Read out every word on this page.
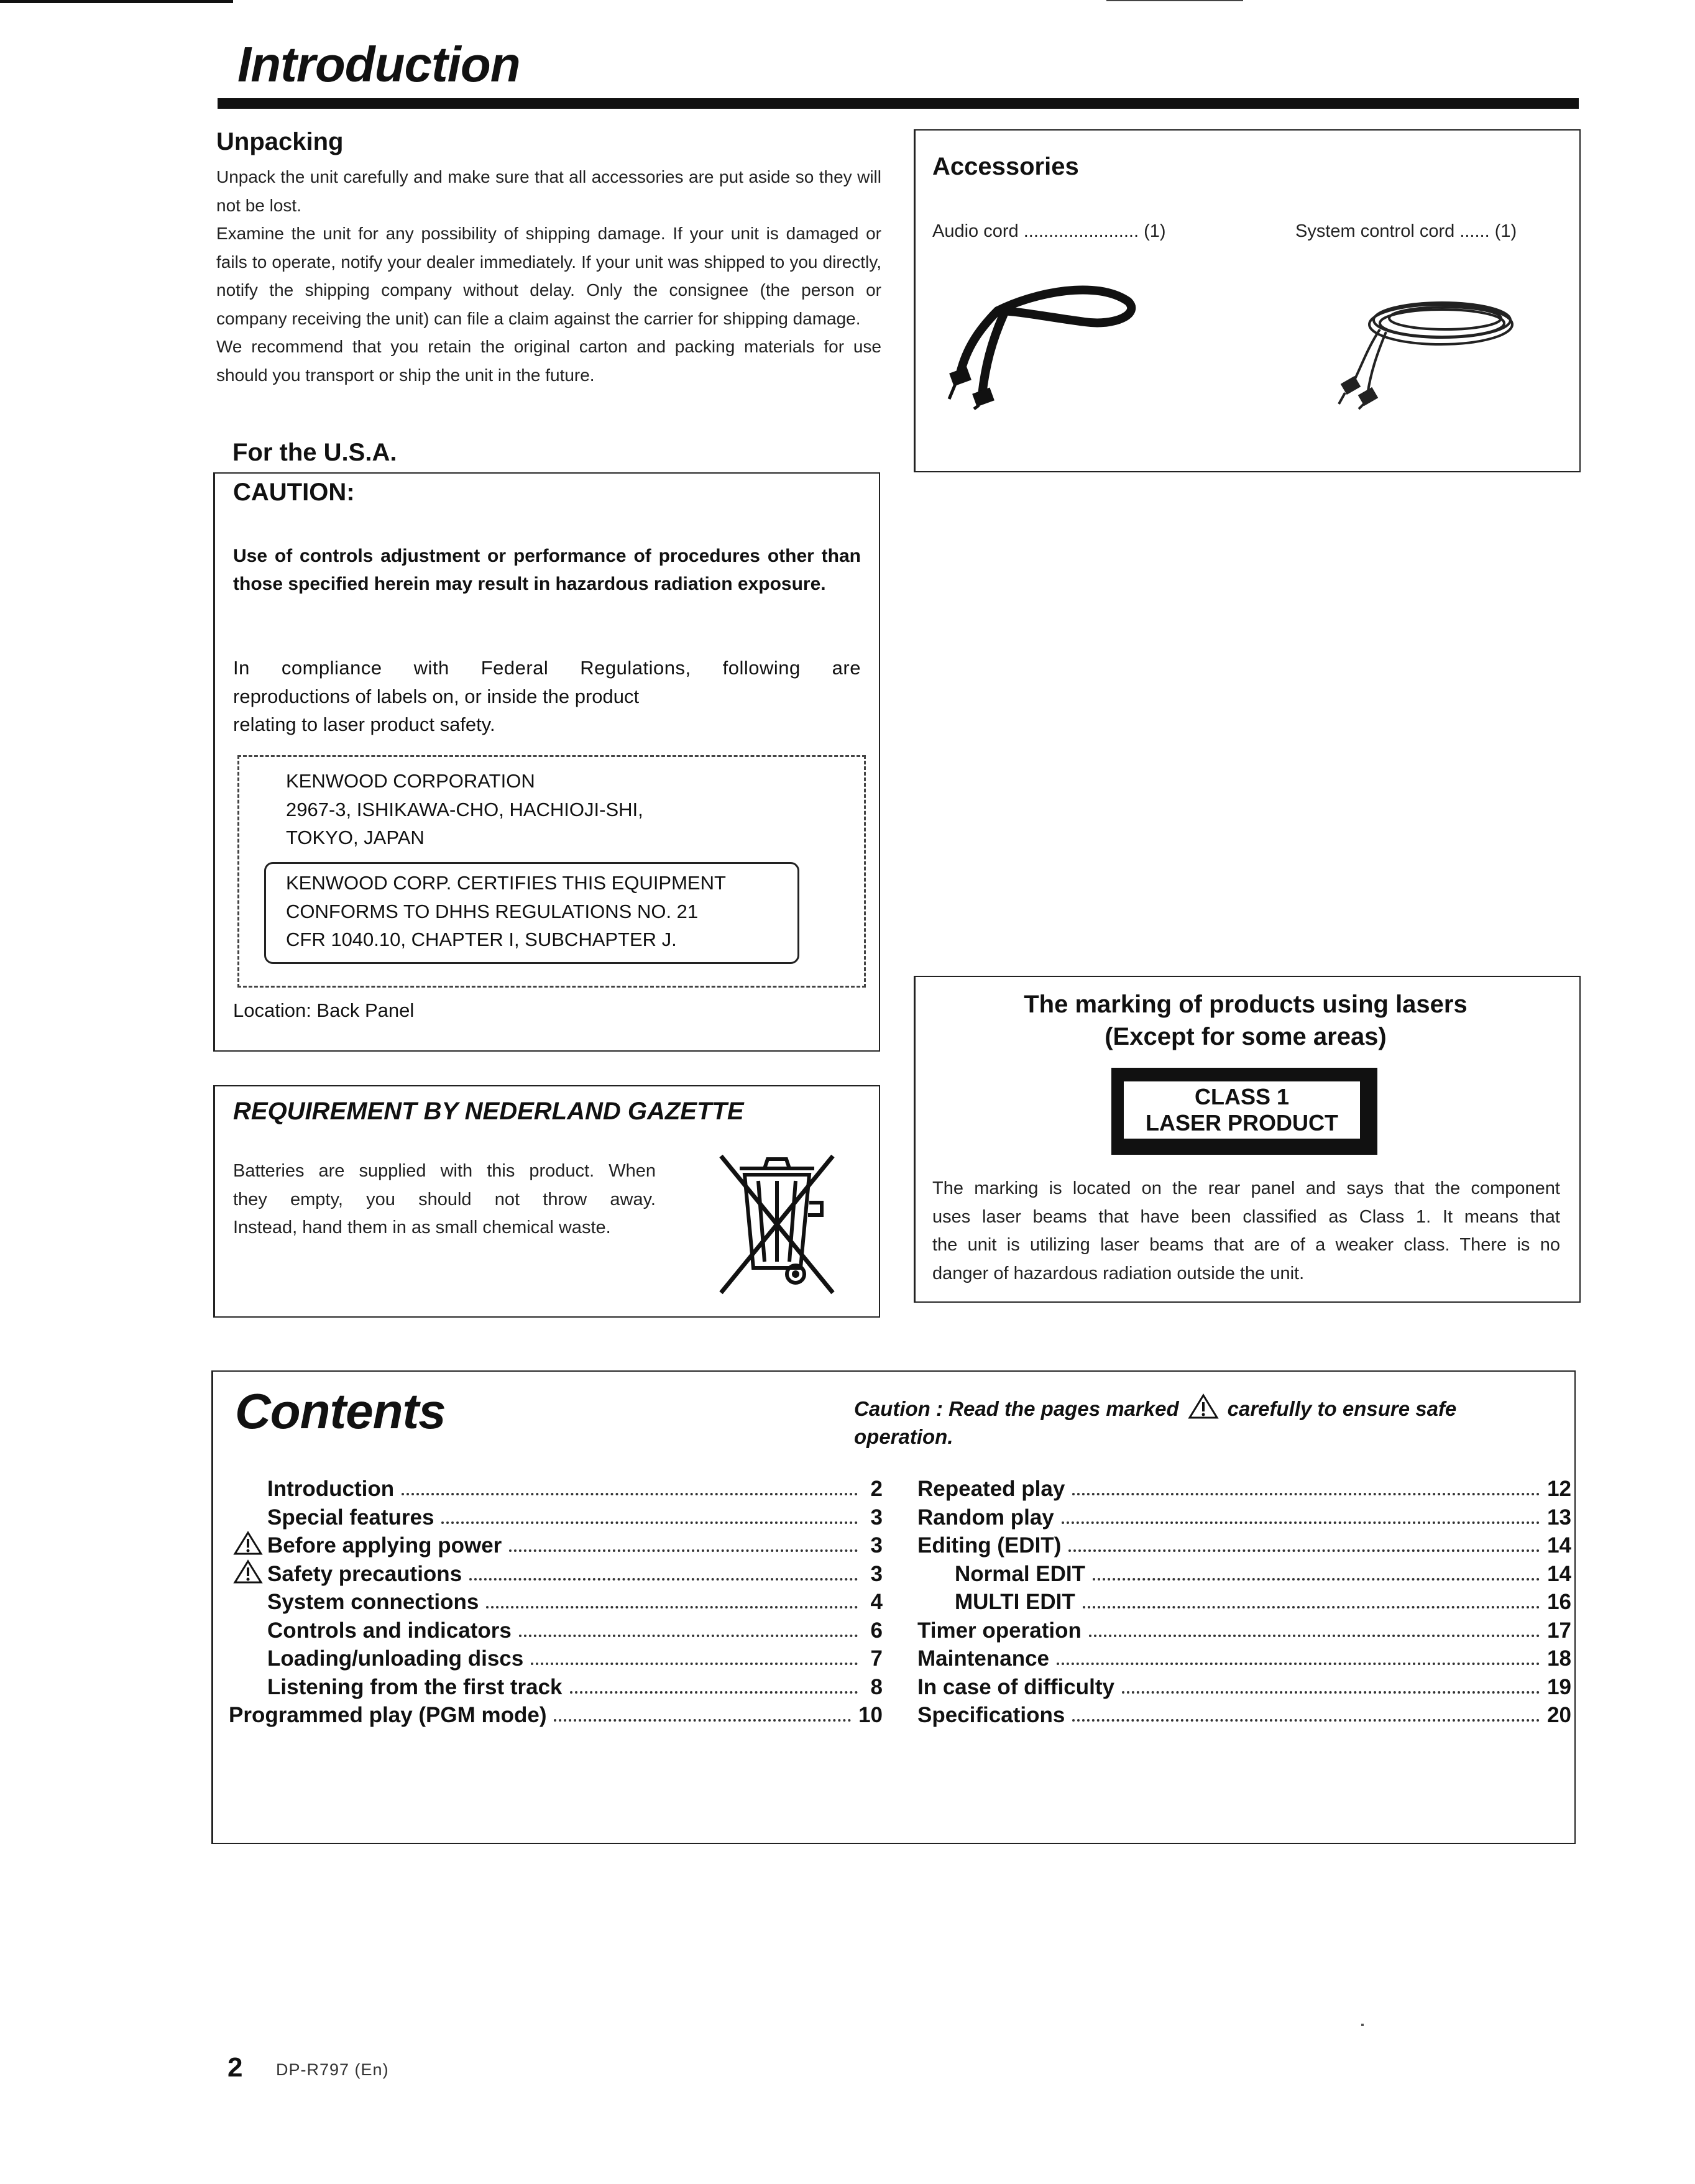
Introduction
Unpacking

Unpack the unit carefully and make sure that all accessories are put aside so they will not be lost.

Examine the unit for any possibility of shipping damage. If your unit is damaged or fails to operate, notify your dealer immediately. If your unit was shipped to you directly, notify the shipping company without delay. Only the consignee (the person or company receiving the unit) can file a claim against the carrier for shipping damage.

We recommend that you retain the original carton and packing materials for use should you transport or ship the unit in the future.

Accessories
Audio cord ....................... (1)	System control cord ...... (1)
For the U.S.A.
CAUTION:
Use of controls adjustment or performance of procedures other than those specified herein may result in hazardous radiation exposure.
In compliance with Federal Regulations, following are
reproductions of labels on, or inside the product
relating to laser product safety.
KENWOOD CORPORATION
2967-3, ISHIKAWA-CHO, HACHIOJI-SHI,
TOKYO, JAPAN
KENWOOD CORP. CERTIFIES THIS EQUIPMENT
CONFORMS TO DHHS REGULATIONS NO. 21
CFR 1040.10, CHAPTER I, SUBCHAPTER J.
Location: Back Panel
REQUIREMENT BY NEDERLAND GAZETTE
Batteries are supplied with this product. When
they empty, you should not throw away.
Instead, hand them in as small chemical waste.
The marking of products using lasers
(Except for some areas)
CLASS 1
LASER PRODUCT
The marking is located on the rear panel and says that the component
uses laser beams that have been classified as Class 1. It means that
the unit is utilizing laser beams that are of a weaker class. There is no
danger of hazardous radiation outside the unit.
Contents	Caution : Read the pages marked carefully to ensure safe operation.
Introduction	2
Special features	3
Before applying power	3
Safety precautions	3
System connections	4
Controls and indicators	6
Loading/unloading discs	7
Listening from the first track	8
Programmed play (PGM mode)	10
Repeated play	12
Random play	13
Editing (EDIT)	14
Normal EDIT	14
MULTI EDIT	16
Timer operation	17
Maintenance	18
In case of difficulty	19
Specifications	20
2 DP-R797 (En)
